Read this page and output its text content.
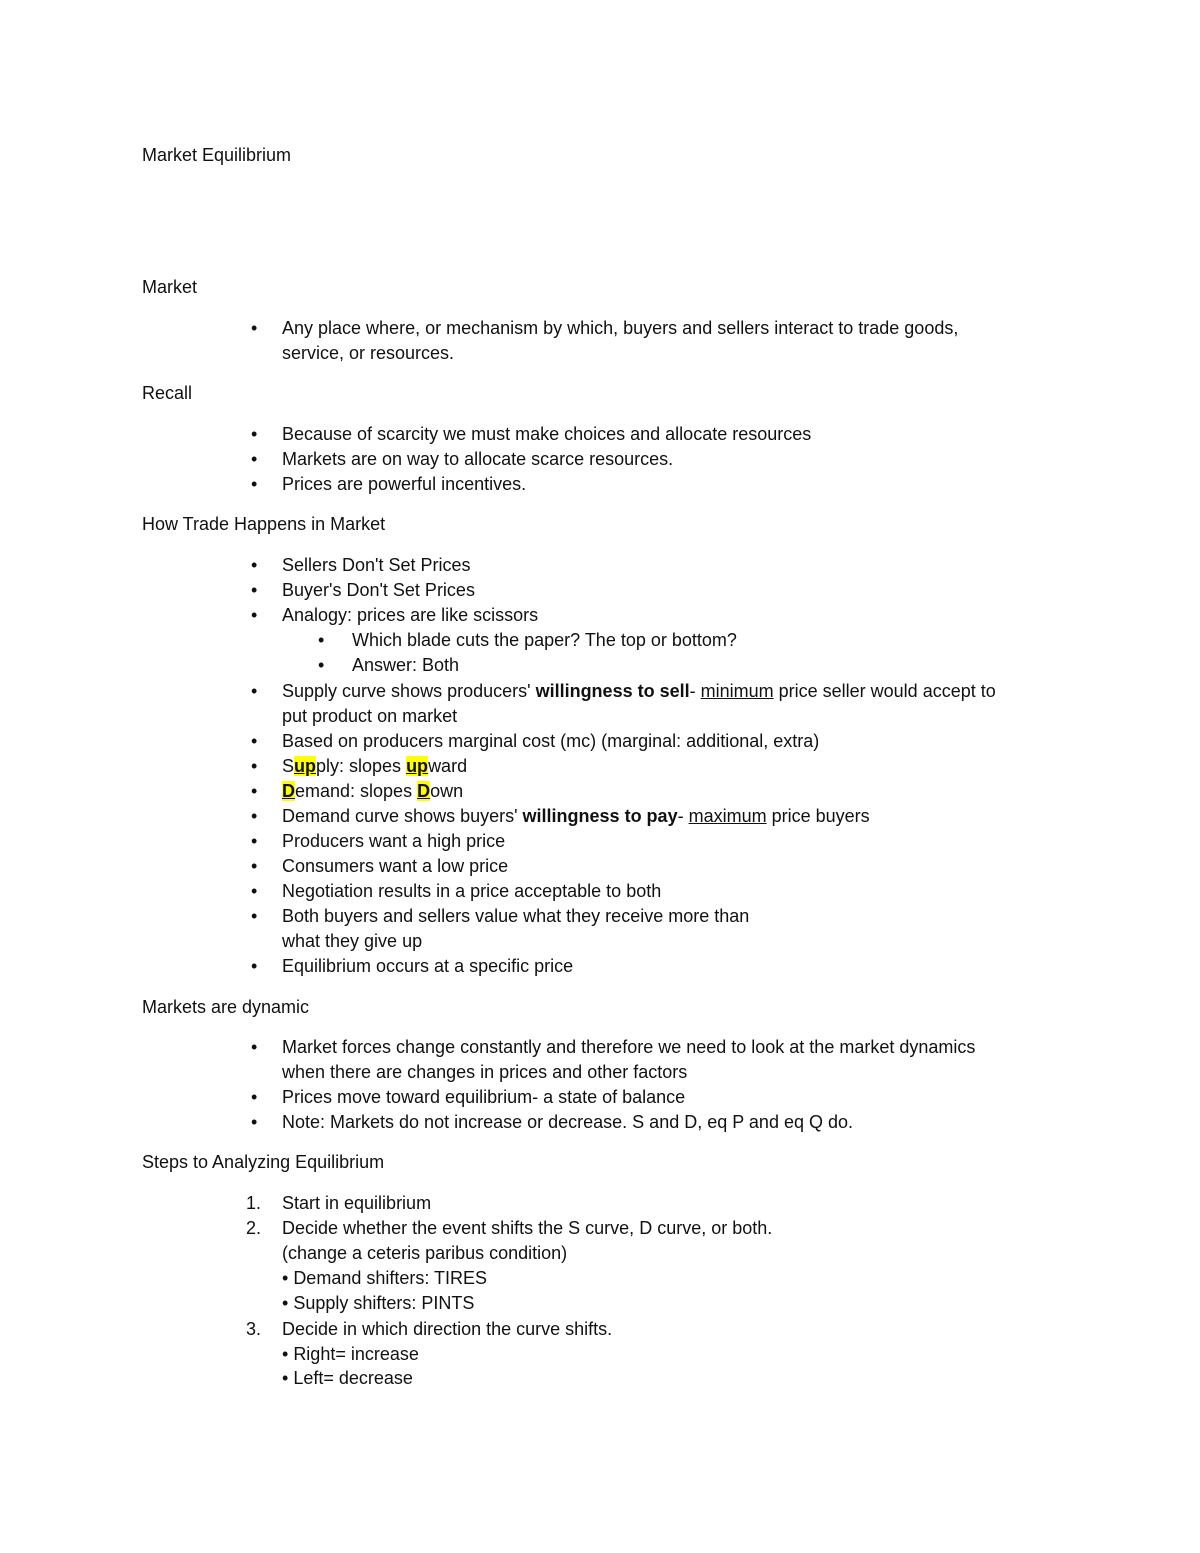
Market Equilibrium
Market
• Any place where, or mechanism by which, buyers and sellers interact to trade goods,
service, or resources.
Recall
• Because of scarcity we must make choices and allocate resources
• Markets are on way to allocate scarce resources.
• Prices are powerful incentives.
How Trade Happens in Market
• Sellers Don't Set Prices
• Buyer's Don't Set Prices
• Analogy: prices are like scissors
• Which blade cuts the paper? The top or bottom?
• Answer: Both
• Supply curve shows producers' willingness to sell- minimum price seller would accept to
put product on market
• Based on producers marginal cost (mc) (marginal: additional, extra)
• Supply: slopes upward
• Demand: slopes Down
• Demand curve shows buyers' willingness to pay- maximum price buyers
• Producers want a high price
• Consumers want a low price
• Negotiation results in a price acceptable to both
• Both buyers and sellers value what they receive more than
what they give up
• Equilibrium occurs at a specific price
Markets are dynamic
• Market forces change constantly and therefore we need to look at the market dynamics
when there are changes in prices and other factors
• Prices move toward equilibrium- a state of balance
• Note: Markets do not increase or decrease. S and D, eq P and eq Q do.
Steps to Analyzing Equilibrium
1. Start in equilibrium
2. Decide whether the event shifts the S curve, D curve, or both.
(change a ceteris paribus condition)
• Demand shifters: TIRES
• Supply shifters: PINTS
3. Decide in which direction the curve shifts.
• Right= increase
• Left= decrease
